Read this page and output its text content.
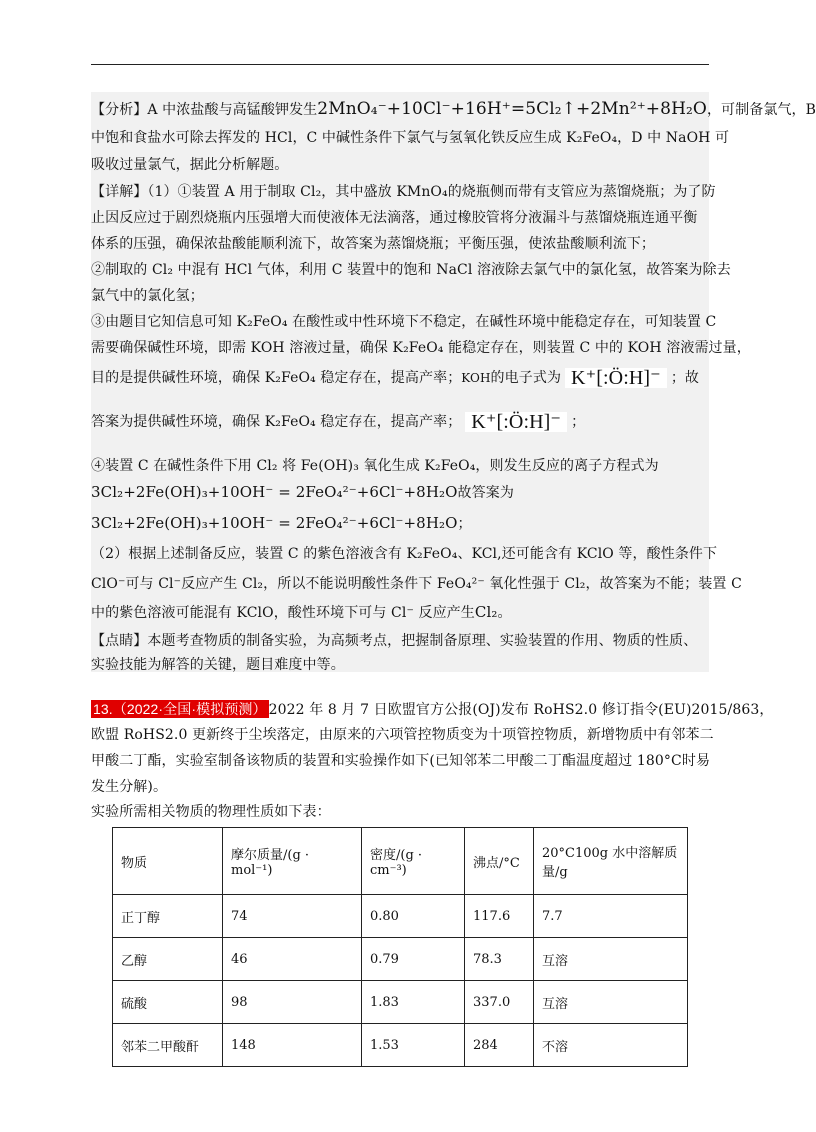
【分析】A 中浓盐酸与高锰酸钾发生2MnO₄⁻+10Cl⁻+16H⁺=5Cl₂↑+2Mn²⁺+8H₂O，可制备氯气，B
中饱和食盐水可除去挥发的 HCl，C 中碱性条件下氯气与氢氧化铁反应生成 K₂FeO₄，D 中 NaOH 可
吸收过量氯气，据此分析解题。
【详解】（1）①装置 A 用于制取 Cl₂，其中盛放 KMnO₄的烧瓶侧而带有支管应为蒸馏烧瓶；为了防
止因反应过于剧烈烧瓶内压强增大而使液体无法滴落，通过橡胶管将分液漏斗与蒸馏烧瓶连通平衡
体系的压强，确保浓盐酸能顺利流下，故答案为蒸馏烧瓶；平衡压强，使浓盐酸顺利流下；
②制取的 Cl₂ 中混有 HCl 气体，利用 C 装置中的饱和 NaCl 溶液除去氯气中的氯化氢，故答案为除去
氯气中的氯化氢；
③由题目它知信息可知 K₂FeO₄ 在酸性或中性环境下不稳定，在碱性环境中能稳定存在，可知装置 C
需要确保碱性环境，即需 KOH 溶液过量，确保 K₂FeO₄ 能稳定存在，则装置 C 中的 KOH 溶液需过量，
目的是提供碱性环境，确保 K₂FeO₄ 稳定存在，提高产率；KOH的电子式为 K⁺[:Ö:H]⁻ ；故
答案为提供碱性环境，确保 K₂FeO₄ 稳定存在，提高产率； K⁺[:Ö:H]⁻ ；
④装置 C 在碱性条件下用 Cl₂ 将 Fe(OH)₃ 氧化生成 K₂FeO₄，则发生反应的离子方程式为
3Cl₂+2Fe(OH)₃+10OH⁻ = 2FeO₄²⁻+6Cl⁻+8H₂O故答案为
3Cl₂+2Fe(OH)₃+10OH⁻ = 2FeO₄²⁻+6Cl⁻+8H₂O；
（2）根据上述制备反应，装置 C 的紫色溶液含有 K₂FeO₄、KCl,还可能含有 KClO 等，酸性条件下
ClO⁻可与 Cl⁻反应产生 Cl₂，所以不能说明酸性条件下 FeO₄²⁻ 氧化性强于 Cl₂，故答案为不能；装置 C
中的紫色溶液可能混有 KClO，酸性环境下可与 Cl⁻ 反应产生Cl₂。
【点睛】本题考查物质的制备实验，为高频考点，把握制备原理、实验装置的作用、物质的性质、
实验技能为解答的关键，题目难度中等。
13.（2022·全国·模拟预测） 2022 年 8 月 7 日欧盟官方公报(OJ)发布 RoHS2.0 修订指令(EU)2015/863，
欧盟 RoHS2.0 更新终于尘埃落定，由原来的六项管控物质变为十项管控物质，新增物质中有邻苯二
甲酸二丁酯，实验室制备该物质的装置和实验操作如下(已知邻苯二甲酸二丁酯温度超过 180°C时易
发生分解)。
实验所需相关物质的物理性质如下表：
物质	摩尔质量/(g · mol⁻¹)	密度/(g · cm⁻³)	沸点/°C	20°C100g 水中溶解质量/g
正丁醇	74	0.80	117.6	7.7
乙醇	46	0.79	78.3	互溶
硫酸	98	1.83	337.0	互溶
邻苯二甲酸酐	148	1.53	284	不溶
